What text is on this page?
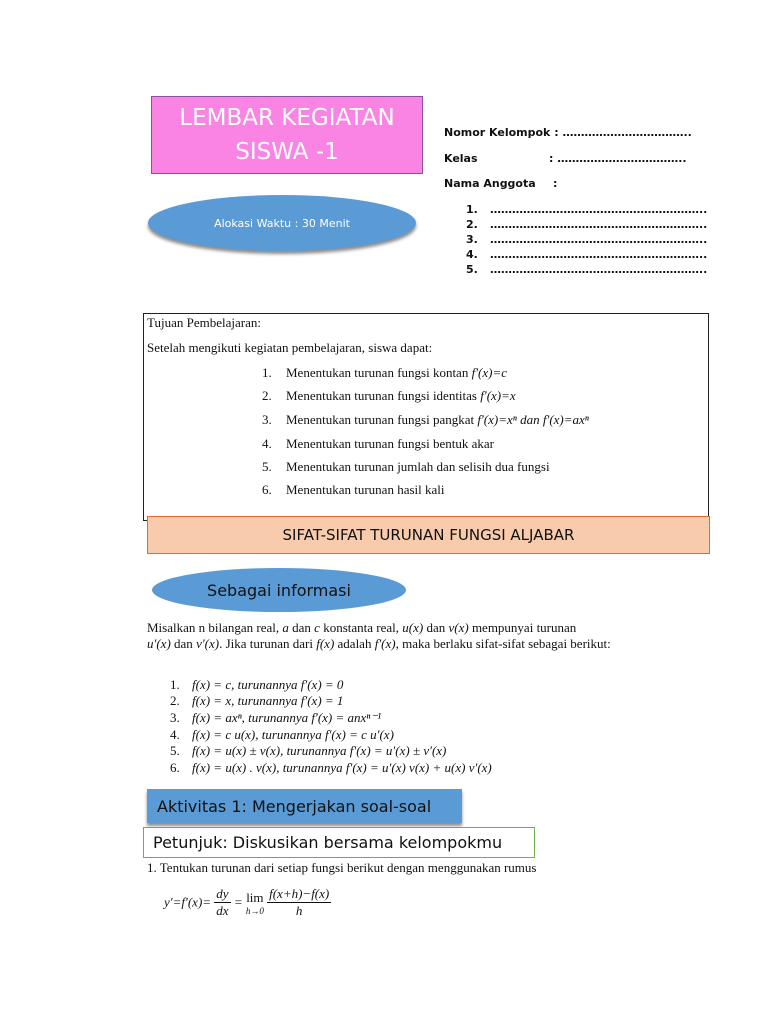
LEMBAR KEGIATAN
SISWA -1
Alokasi Waktu : 30 Menit
Nomor Kelompok : ……………………………..
Kelas	: ……………………………..
Nama Anggota :
1. …………………………………………………..
2. …………………………………………………..
3. …………………………………………………..
4. …………………………………………………..
5. …………………………………………………..
Tujuan Pembelajaran:
Setelah mengikuti kegiatan pembelajaran, siswa dapat:
1. Menentukan turunan fungsi kontan f′(x)=c
2. Menentukan turunan fungsi identitas f′(x)=x
3. Menentukan turunan fungsi pangkat f′(x)=xⁿ dan f′(x)=axⁿ
4. Menentukan turunan fungsi bentuk akar
5. Menentukan turunan jumlah dan selisih dua fungsi
6. Menentukan turunan hasil kali
SIFAT-SIFAT TURUNAN FUNGSI ALJABAR
Sebagai informasi
Misalkan n bilangan real, a dan c konstanta real, u(x) dan v(x) mempunyai turunan
u′(x) dan v′(x). Jika turunan dari f(x) adalah f′(x), maka berlaku sifat-sifat sebagai berikut:
1. f(x) = c, turunannya f′(x) = 0
2. f(x) = x, turunannya f′(x) = 1
3. f(x) = axⁿ, turunannya f′(x) = anxⁿ⁻¹
4. f(x) = c u(x), turunannya f′(x) = c u′(x)
5. f(x) = u(x) ± v(x), turunannya f′(x) = u′(x) ± v′(x)
6. f(x) = u(x) . v(x), turunannya f′(x) = u′(x) v(x) + u(x) v′(x)
Aktivitas 1: Mengerjakan soal-soal
Petunjuk: Diskusikan bersama kelompokmu
1. Tentukan turunan dari setiap fungsi berikut dengan menggunakan rumus
$y'=f'(x)= \frac{dy}{dx} = \lim$
h→0
$\frac{f(x+h)-f(x)}{h}$
